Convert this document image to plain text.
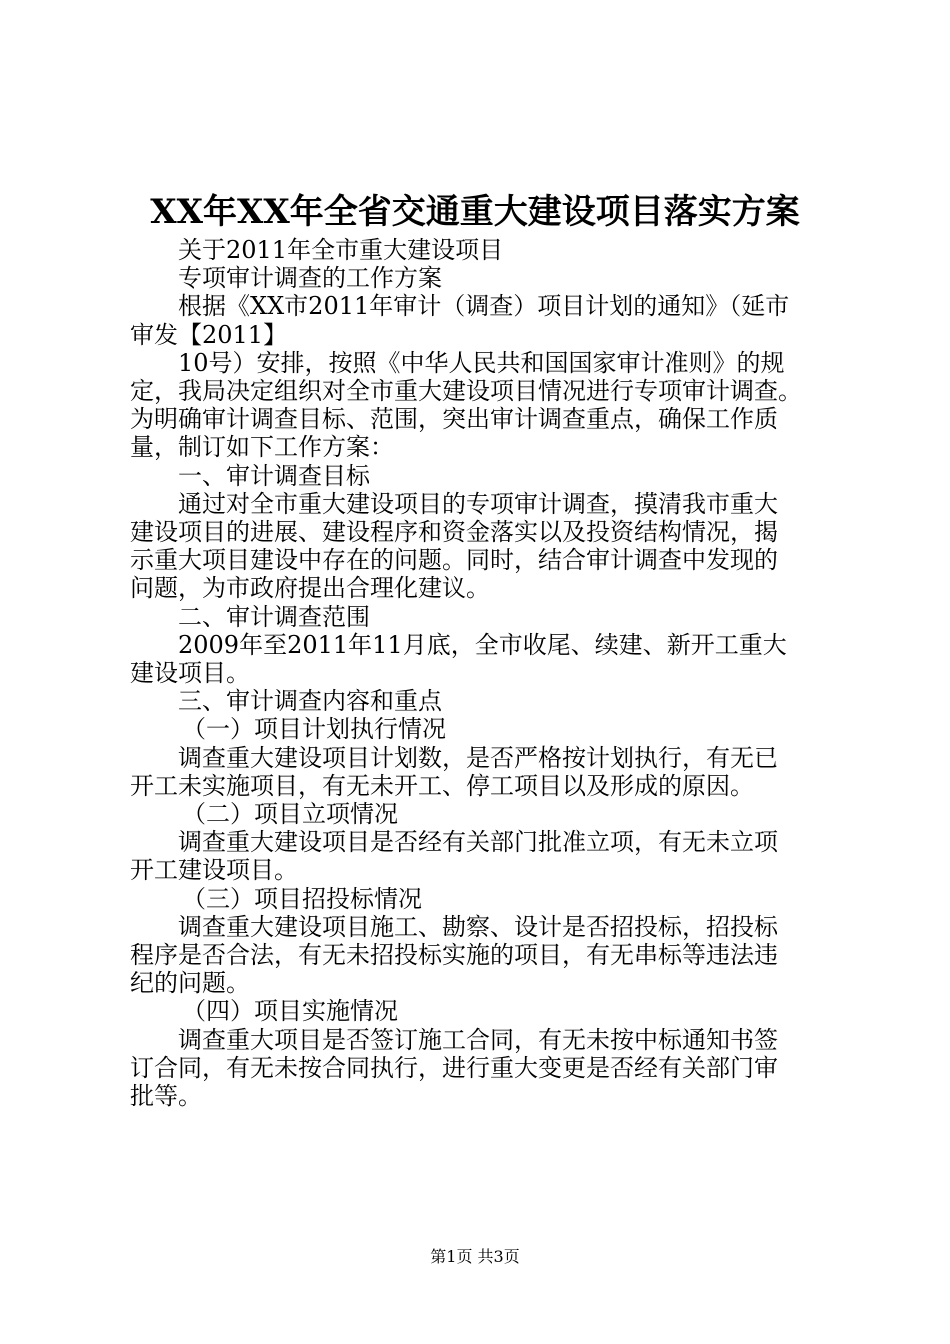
XX年XX年全省交通重大建设项目落实方案

关于2011年全市重大建设项目

专项审计调查的工作方案

根据《XX市2011年审计（调查）项目计划的通知》（延市

审发【2011】

10号）安排，按照《中华人民共和国国家审计准则》的规

定，我局决定组织对全市重大建设项目情况进行专项审计调查。

为明确审计调查目标、范围，突出审计调查重点，确保工作质

量，制订如下工作方案：

一、审计调查目标

通过对全市重大建设项目的专项审计调查，摸清我市重大

建设项目的进展、建设程序和资金落实以及投资结构情况，揭

示重大项目建设中存在的问题。同时，结合审计调查中发现的

问题，为市政府提出合理化建议。

二、审计调查范围

2009年至2011年11月底，全市收尾、续建、新开工重大

建设项目。

三、审计调查内容和重点

（一）项目计划执行情况

调查重大建设项目计划数，是否严格按计划执行，有无已

开工未实施项目，有无未开工、停工项目以及形成的原因。

（二）项目立项情况

调查重大建设项目是否经有关部门批准立项，有无未立项

开工建设项目。

（三）项目招投标情况

调查重大建设项目施工、勘察、设计是否招投标，招投标

程序是否合法，有无未招投标实施的项目，有无串标等违法违

纪的问题。

（四）项目实施情况

调查重大项目是否签订施工合同，有无未按中标通知书签

订合同，有无未按合同执行，进行重大变更是否经有关部门审

批等。

第1页 共3页
